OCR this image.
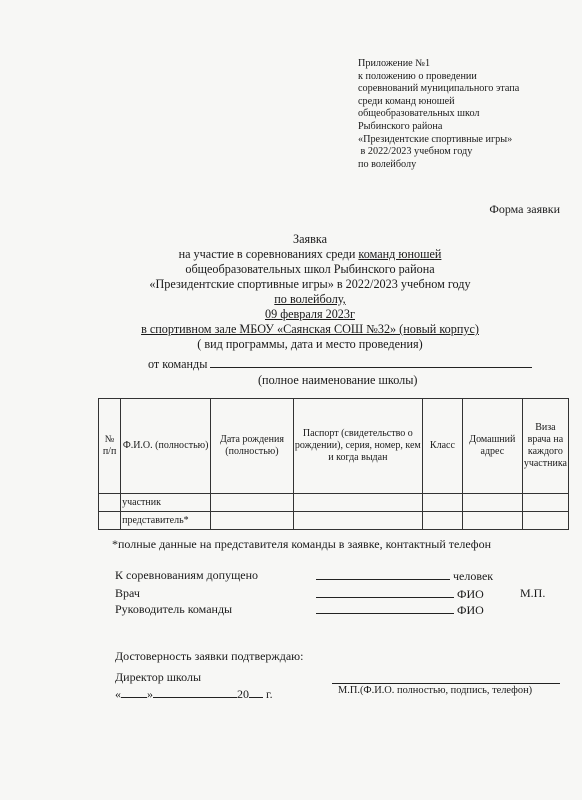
Приложение №1
к положению о проведении
соревнований муниципального этапа
среди команд юношей
общеобразовательных школ
Рыбинского района
«Президентские спортивные игры»
в 2022/2023 учебном году
по волейболу
Форма заявки
Заявка
на участие в соревнованиях среди команд юношей
общеобразовательных школ Рыбинского района
«Президентские спортивные игры» в 2022/2023 учебном году
по волейболу,
09 февраля 2023г
в спортивном зале МБОУ «Саянская СОШ №32» (новый корпус)
( вид программы, дата и место проведения)
от команды
(полное наименование школы)
№ п/п	Ф.И.О. (полностью)	Дата рождения (полностью)	Паспорт (свидетельство о рождении), серия, номер, кем и когда выдан	Класс	Домашний адрес	Виза врача на каждого участника
	участник					
	представитель*					
*полные данные на представителя команды в заявке, контактный телефон
К соревнованиям допущено	человек
Врач	ФИО	М.П.
Руководитель команды	ФИО
Достоверность заявки подтверждаю:
Директор школы
« »	20 г.	М.П.(Ф.И.О. полностью, подпись, телефон)
